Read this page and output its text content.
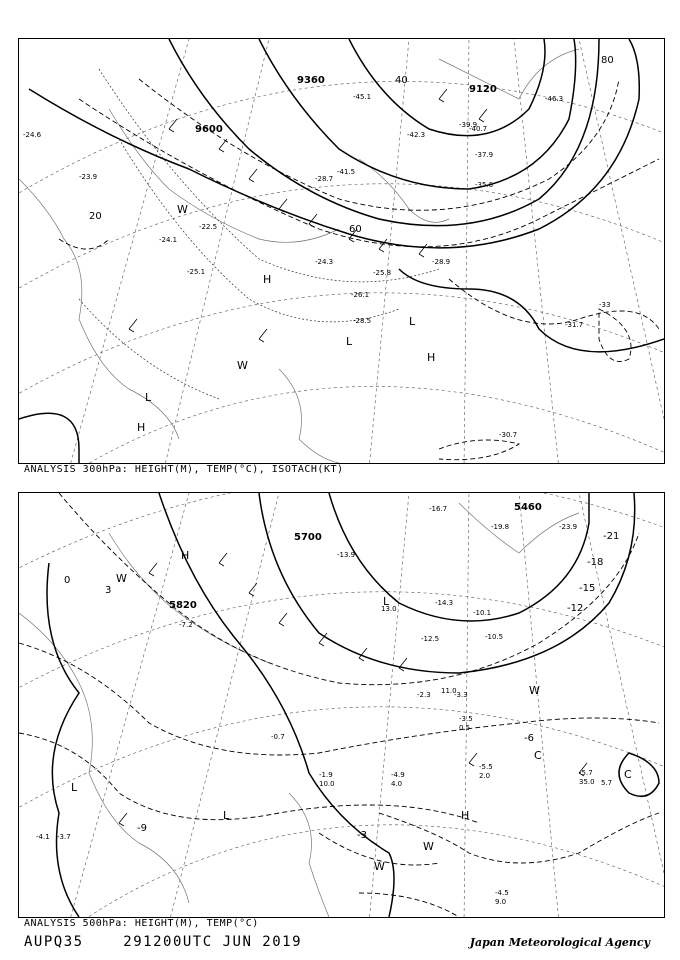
9600
9360
9120
20
40
60
80
H
H
L
L
L
W
W
H
-24.6
-23.9
-22.5
-24.1
-24.3
-25.1	-25.8
-28.9
-26.1
-28.5
-30.7
-31.7
-42.3
-39.9
-37.9
-40.7
-41.5
-45.1	-46.3
-35.6
-28.7
-33
ANALYSIS 300hPa: HEIGHT(M), TEMP(°C), ISOTACH(KT)
5700
5820
5460
-21
-18
-15
-12
-9
-6
-3
0
3
H
W
L
L
W
C
C
W
H
L
W
-14.3
-10.1
-12.5	-10.5
-5.5
-4.9	-5.7
-4.5
-3.3
-3.5
-1.9
-3.7
-4.1
-2.3
-0.7
-23.9
-19.8
-16.7
-13.9
-7.2
2.0
4.0
9.0
35.0
10.0
0.5
11.0
13.0
5.7
ANALYSIS 500hPa: HEIGHT(M), TEMP(°C)
AUPQ35	291200UTC JUN 2019	Japan Meteorological Agency
